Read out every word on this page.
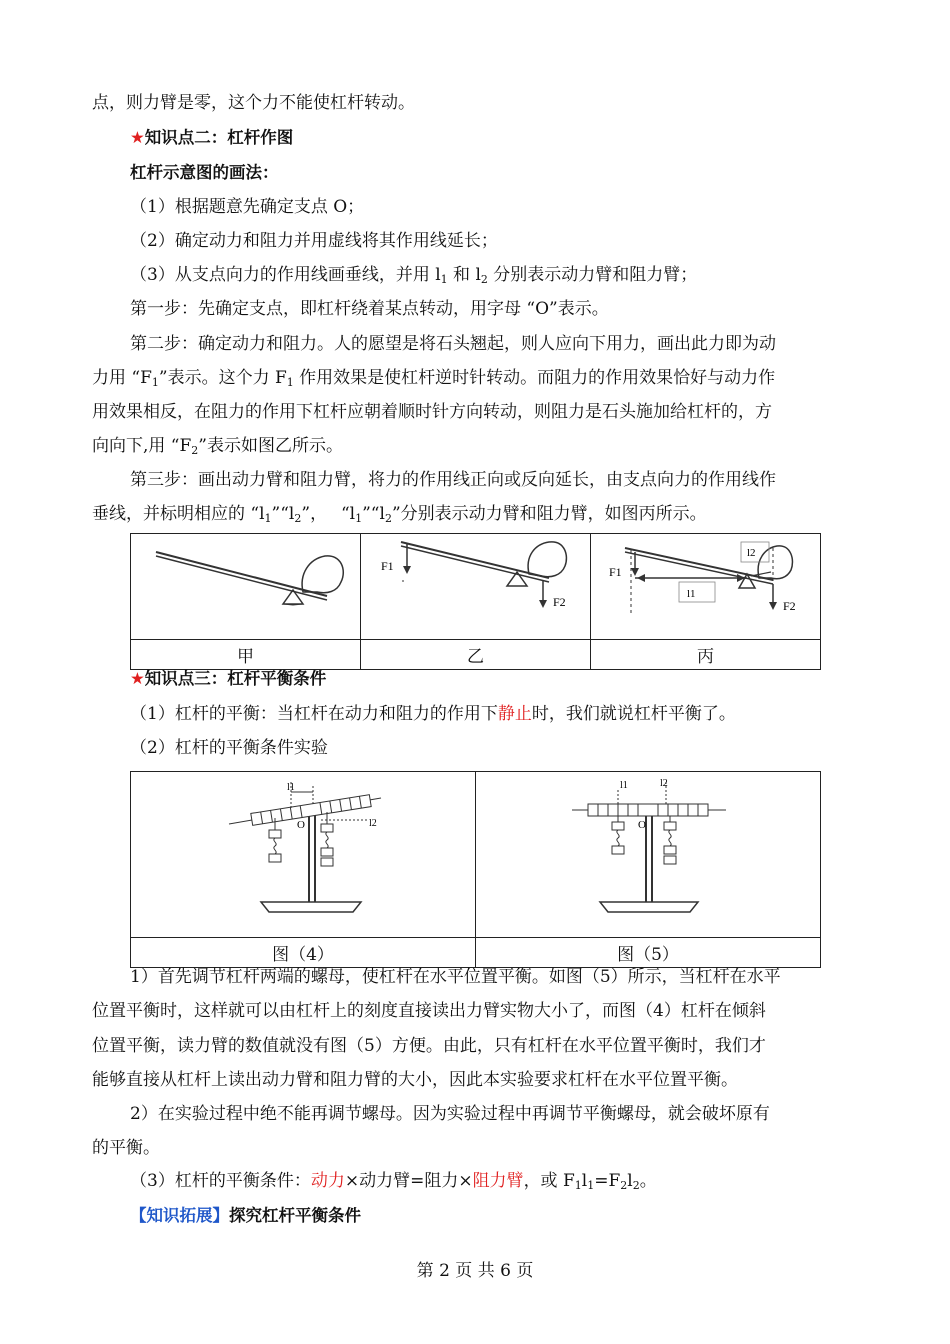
点，则力臂是零，这个力不能使杠杆转动。
★知识点二：杠杆作图
杠杆示意图的画法：
（1）根据题意先确定支点 O；
（2）确定动力和阻力并用虚线将其作用线延长；
（3）从支点向力的作用线画垂线，并用 $l_1$ 和 $l_2$ 分别表示动力臂和阻力臂；
第一步：先确定支点，即杠杆绕着某点转动，用字母 “O”表示。
第二步：确定动力和阻力。人的愿望是将石头翘起，则人应向下用力，画出此力即为动
力用 “$F_1$”表示。这个力 $F_1$ 作用效果是使杠杆逆时针转动。而阻力的作用效果恰好与动力作
用效果相反，在阻力的作用下杠杆应朝着顺时针方向转动，则阻力是石头施加给杠杆的，方
向向下,用 “$F_2$”表示如图乙所示。
第三步：画出动力臂和阻力臂，将力的作用线正向或反向延长，由支点向力的作用线作
垂线，并标明相应的 “$l_1”“l_2$”，　 “$l_1”“l_2$”分别表示动力臂和阻力臂，如图丙所示。

F1
F2	F1
l1
l2
F2

甲	乙	丙
★知识点三：杠杆平衡条件
（1）杠杆的平衡：当杠杆在动力和阻力的作用下静止时，我们就说杠杆平衡了。
（2）杠杆的平衡条件实验
l1
O l2	l1 l2
O

图（4）	图（5）
1）首先调节杠杆两端的螺母，使杠杆在水平位置平衡。如图（5）所示，当杠杆在水平
位置平衡时，这样就可以由杠杆上的刻度直接读出力臂实物大小了，而图（4）杠杆在倾斜
位置平衡，读力臂的数值就没有图（5）方便。由此，只有杠杆在水平位置平衡时，我们才
能够直接从杠杆上读出动力臂和阻力臂的大小，因此本实验要求杠杆在水平位置平衡。
2）在实验过程中绝不能再调节螺母。因为实验过程中再调节平衡螺母，就会破坏原有
的平衡。
（3）杠杆的平衡条件：动力×动力臂=阻力×阻力臂，或 $F_1l_1=F_2l_2$。
【知识拓展】探究杠杆平衡条件
第 2 页 共 6 页
